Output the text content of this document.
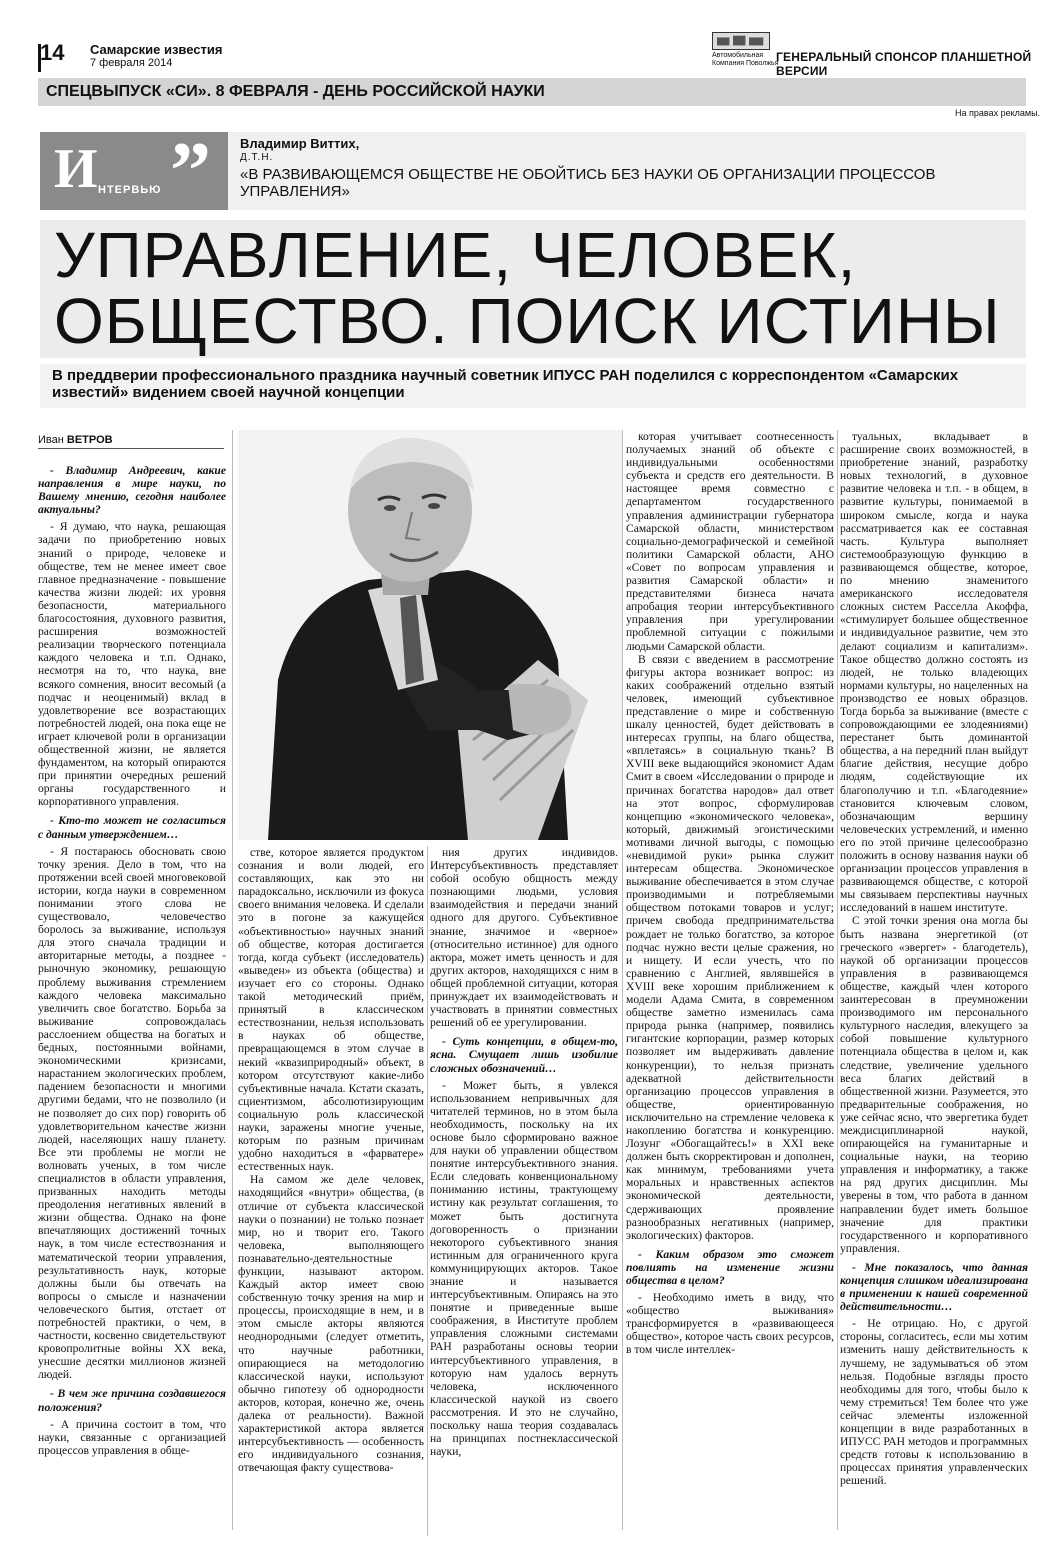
14 Самарские известия
7 февраля 2014
Автомобильная Компания Поволжья
ГЕНЕРАЛЬНЫЙ СПОНСОР ПЛАНШЕТНОЙ ВЕРСИИ
СПЕЦВЫПУСК «СИ». 8 ФЕВРАЛЯ - ДЕНЬ РОССИЙСКОЙ НАУКИ
На правах рекламы.
И НТЕРВЬЮ ” Владимир Виттих,
Д.Т.Н.
«В РАЗВИВАЮЩЕМСЯ ОБЩЕСТВЕ НЕ ОБОЙТИСЬ БЕЗ НАУКИ ОБ ОРГАНИЗАЦИИ ПРОЦЕССОВ УПРАВЛЕНИЯ»
УПРАВЛЕНИЕ, ЧЕЛОВЕК,
ОБЩЕСТВО. ПОИСК ИСТИНЫ
В преддверии профессионального праздника научный советник ИПУСС РАН поделился с корреспондентом «Самарских известий» видением своей научной концепции
Иван ВЕТРОВ

- Владимир Андреевич, какие направления в мире науки, по Вашему мнению, сегодня наиболее актуальны?

- Я думаю, что наука, решающая задачи по приобретению новых знаний о природе, человеке и обществе, тем не менее имеет свое главное предназначение - повышение качества жизни людей: их уровня безопасности, материального благосостояния, духовного развития, расширения возможностей реализации творческого потенциала каждого человека и т.п. Однако, несмотря на то, что наука, вне всякого сомнения, вносит весомый (а подчас и неоценимый) вклад в удовлетворение все возрастающих потребностей людей, она пока еще не играет ключевой роли в организации общественной жизни, не является фундаментом, на который опираются при принятии очередных решений органы государственного и корпоративного управления.

- Кто-то может не согласиться с данным утверждением…

- Я постараюсь обосновать свою точку зрения. Дело в том, что на протяжении всей своей многовековой истории, когда науки в современном понимании этого слова не существовало, человечество боролось за выживание, используя для этого сначала традиции и авторитарные методы, а позднее - рыночную экономику, решающую проблему выживания стремлением каждого человека максимально увеличить свое богатство. Борьба за выживание сопровождалась расслоением общества на богатых и бедных, постоянными войнами, экономическими кризисами, нарастанием экологических проблем, падением безопасности и многими другими бедами, что не позволило (и не позволяет до сих пор) говорить об удовлетворительном качестве жизни людей, населяющих нашу планету. Все эти проблемы не могли не волновать ученых, в том числе специалистов в области управления, призванных находить методы преодоления негативных явлений в жизни общества. Однако на фоне впечатляющих достижений точных наук, в том числе естествознания и математической теории управления, результативность наук, которые должны были бы отвечать на вопросы о смысле и назначении человеческого бытия, отстает от потребностей практики, о чем, в частности, косвенно свидетельствуют кровопролитные войны XX века, унесшие десятки миллионов жизней людей.

- В чем же причина создавшегося положения?

- А причина состоит в том, что науки, связанные с организацией процессов управления в обще-

стве, которое является продуктом сознания и воли людей, его составляющих, как это ни парадоксально, исключили из фокуса своего внимания человека. И сделали это в погоне за кажущейся «объективностью» научных знаний об обществе, которая достигается тогда, когда субъект (исследователь) «выведен» из объекта (общества) и изучает его со стороны. Однако такой методический приём, принятый в классическом естествознании, нельзя использовать в науках об обществе, превращающемся в этом случае в некий «квазиприродный» объект, в котором отсутствуют какие-либо субъективные начала. Кстати сказать, сциентизмом, абсолютизирующим социальную роль классической науки, заражены многие ученые, которым по разным причинам удобно находиться в «фарватере» естественных наук.

На самом же деле человек, находящийся «внутри» общества, (в отличие от субъекта классической науки о познании) не только познает мир, но и творит его. Такого человека, выполняющего познавательно-деятельностные функции, называют актором. Каждый актор имеет свою собственную точку зрения на мир и процессы, происходящие в нем, и в этом смысле акторы являются неоднородными (следует отметить, что научные работники, опирающиеся на методологию классической науки, используют обычно гипотезу об однородности акторов, которая, конечно же, очень далека от реальности). Важной характеристикой актора является интерсубъективность — особенность его индивидуального сознания, отвечающая факту существова-

ния других индивидов. Интерсубъективность представляет собой особую общность между познающими людьми, условия взаимодействия и передачи знаний одного для другого. Субъективное знание, значимое и «верное» (относительно истинное) для одного актора, может иметь ценность и для других акторов, находящихся с ним в общей проблемной ситуации, которая принуждает их взаимодействовать и участвовать в принятии совместных решений об ее урегулировании.

- Суть концепции, в общем-то, ясна. Смущает лишь изобилие сложных обозначений…

- Может быть, я увлекся использованием непривычных для читателей терминов, но в этом была необходимость, поскольку на их основе было сформировано важное для науки об управлении обществом понятие интерсубъективного знания. Если следовать конвенциональному пониманию истины, трактующему истину как результат соглашения, то может быть достигнута договоренность о признании некоторого субъективного знания истинным для ограниченного круга коммуницирующих акторов. Такое знание и называется интерсубъективным. Опираясь на это понятие и приведенные выше соображения, в Институте проблем управления сложными системами РАН разработаны основы теории интерсубъективного управления, в которую нам удалось вернуть человека, исключенного классической наукой из своего рассмотрения. И это не случайно, поскольку наша теория создавалась на принципах постнеклассической науки,

которая учитывает соотнесенность получаемых знаний об объекте с индивидуальными особенностями субъекта и средств его деятельности. В настоящее время совместно с департаментом государственного управления администрации губернатора Самарской области, министерством социально-демографической и семейной политики Самарской области, АНО «Совет по вопросам управления и развития Самарской области» и представителями бизнеса начата апробация теории интерсубъективного управления при урегулировании проблемной ситуации с пожилыми людьми Самарской области.

В связи с введением в рассмотрение фигуры актора возникает вопрос: из каких соображений отдельно взятый человек, имеющий субъективное представление о мире и собственную шкалу ценностей, будет действовать в интересах группы, на благо общества, «вплетаясь» в социальную ткань? В XVIII веке выдающийся экономист Адам Смит в своем «Исследовании о природе и причинах богатства народов» дал ответ на этот вопрос, сформулировав концепцию «экономического человека», который, движимый эгоистическими мотивами личной выгоды, с помощью «невидимой руки» рынка служит интересам общества. Экономическое выживание обеспечивается в этом случае производимыми и потребляемыми обществом потоками товаров и услуг; причем свобода предпринимательства рождает не только богатство, за которое подчас нужно вести целые сражения, но и нищету. И если учесть, что по сравнению с Англией, являвшейся в XVIII веке хорошим приближением к модели Адама Смита, в современном обществе заметно изменилась сама природа рынка (например, появились гигантские корпорации, размер которых позволяет им выдерживать давление конкуренции), то нельзя признать адекватной действительности организацию процессов управления в обществе, ориентированную исключительно на стремление человека к накоплению богатства и конкуренцию. Лозунг «Обогащайтесь!» в XXI веке должен быть скорректирован и дополнен, как минимум, требованиями учета моральных и нравственных аспектов экономической деятельности, сдерживающих проявление разнообразных негативных (например, экологических) факторов.

- Каким образом это сможет повлиять на изменение жизни общества в целом?

- Необходимо иметь в виду, что «общество выживания» трансформируется в «развивающееся общество», которое часть своих ресурсов, в том числе интеллек-

туальных, вкладывает в расширение своих возможностей, в приобретение знаний, разработку новых технологий, в духовное развитие человека и т.п. - в общем, в развитие культуры, понимаемой в широком смысле, когда и наука рассматривается как ее составная часть. Культура выполняет системообразующую функцию в развивающемся обществе, которое, по мнению знаменитого американского исследователя сложных систем Расселла Акоффа, «стимулирует большее общественное и индивидуальное развитие, чем это делают социализм и капитализм». Такое общество должно состоять из людей, не только владеющих нормами культуры, но нацеленных на производство ее новых образцов. Тогда борьба за выживание (вместе с сопровождающими ее злодеяниями) перестанет быть доминантой общества, а на передний план выйдут благие действия, несущие добро людям, содействующие их благополучию и т.п. «Благодеяние» становится ключевым словом, обозначающим вершину человеческих устремлений, и именно его по этой причине целесообразно положить в основу названия науки об организации процессов управления в развивающемся обществе, с которой мы связываем перспективы научных исследований в нашем институте.

С этой точки зрения она могла бы быть названа энергетикой (от греческого «эвергет» - благодетель), наукой об организации процессов управления в развивающемся обществе, каждый член которого заинтересован в преумножении производимого им персонального культурного наследия, влекущего за собой повышение культурного потенциала общества в целом и, как следствие, увеличение удельного веса благих действий в общественной жизни. Разумеется, это предварительные соображения, но уже сейчас ясно, что эвергетика будет междисциплинарной наукой, опирающейся на гуманитарные и социальные науки, на теорию управления и информатику, а также на ряд других дисциплин. Мы уверены в том, что работа в данном направлении будет иметь большое значение для практики государственного и корпоративного управления.

- Мне показалось, что данная концепция слишком идеализирована в применении к нашей современной действительности…

- Не отрицаю. Но, с другой стороны, согласитесь, если мы хотим изменить нашу действительность к лучшему, не задумываться об этом нельзя. Подобные взгляды просто необходимы для того, чтобы было к чему стремиться! Тем более что уже сейчас элементы изложенной концепции в виде разработанных в ИПУСС РАН методов и программных средств готовы к использованию в процессах принятия управленческих решений.
